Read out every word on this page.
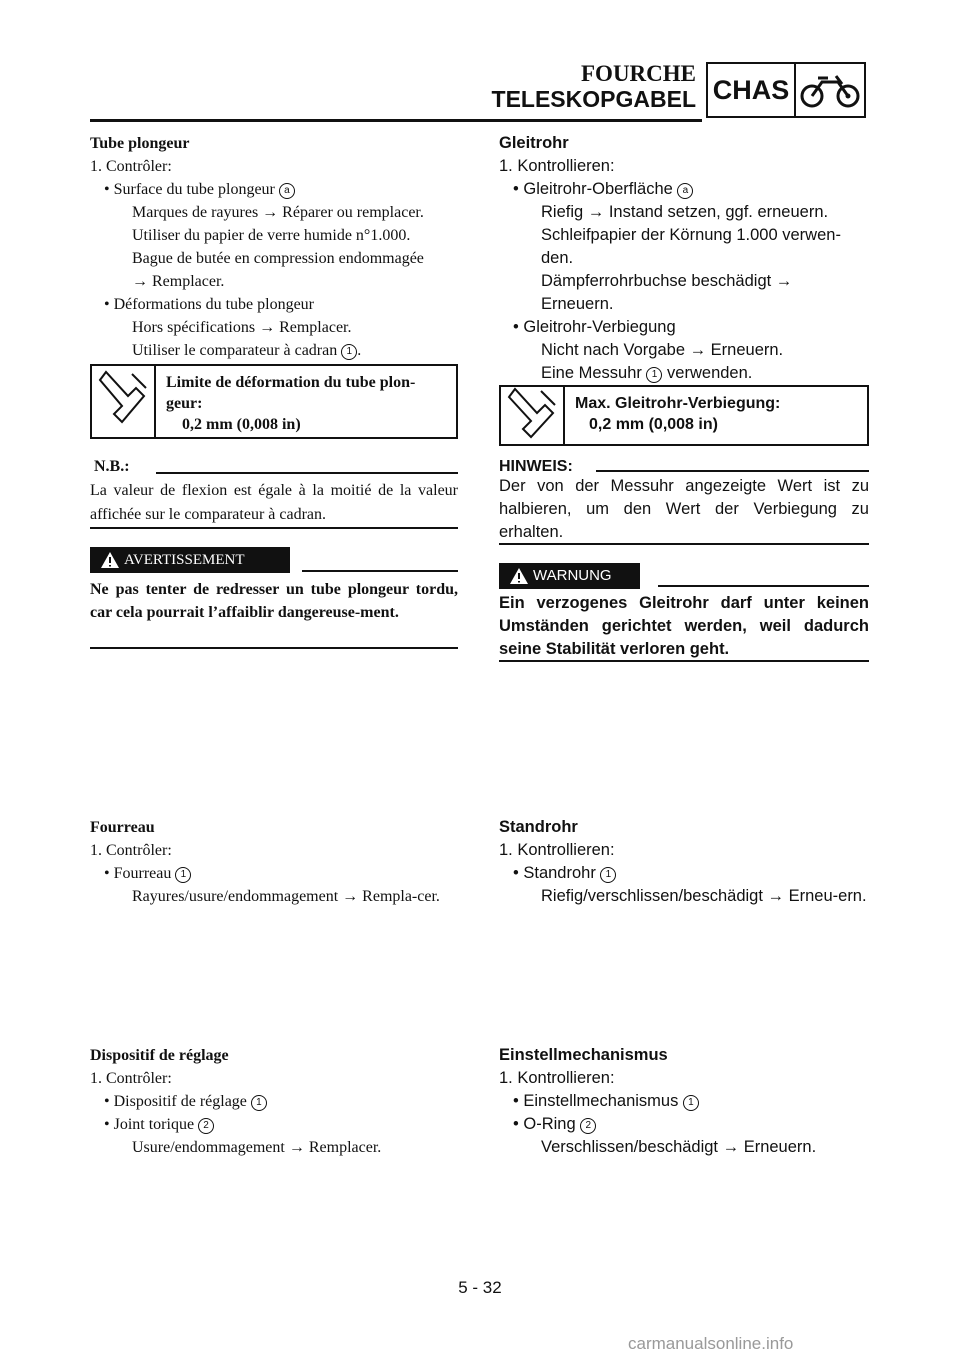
FOURCHE
TELESKOPGABEL CHAS
Tube plongeur
1. Contrôler:
• Surface du tube plongeur a
Marques de rayures → Réparer ou remplacer.
Utiliser du papier de verre humide n°1.000.
Bague de butée en compression endommagée
→ Remplacer.
• Déformations du tube plongeur
Hors spécifications → Remplacer.
Utiliser le comparateur à cadran 1 .
Limite de déformation du tube plon-
geur:
0,2 mm (0,008 in)
N.B.:
La valeur de flexion est égale à la moitié de la valeur affichée sur le comparateur à cadran.
AVERTISSEMENT
Ne pas tenter de redresser un tube plongeur tordu, car cela pourrait l’affaiblir dangereuse-ment.
Fourreau
1. Contrôler:
• Fourreau 1
Rayures/usure/endommagement → Rempla-cer.
Dispositif de réglage
1. Contrôler:
• Dispositif de réglage 1
• Joint torique 2
Usure/endommagement → Remplacer.
Gleitrohr
1. Kontrollieren:
• Gleitrohr-Oberfläche a
Riefig → Instand setzen, ggf. erneuern.
Schleifpapier der Körnung 1.000 verwen-den.
Dämpferrohrbuchse beschädigt → Erneuern.
• Gleitrohr-Verbiegung
Nicht nach Vorgabe → Erneuern.
Eine Messuhr 1 verwenden.
Max. Gleitrohr-Verbiegung:
0,2 mm (0,008 in)
HINWEIS:
Der von der Messuhr angezeigte Wert ist zu halbieren, um den Wert der Verbiegung zu erhalten.
WARNUNG
Ein verzogenes Gleitrohr darf unter keinen Umständen gerichtet werden, weil dadurch seine Stabilität verloren geht.
Standrohr
1. Kontrollieren:
• Standrohr 1
Riefig/verschlissen/beschädigt → Erneu-ern.
Einstellmechanismus
1. Kontrollieren:
• Einstellmechanismus 1
• O-Ring 2
Verschlissen/beschädigt → Erneuern.
5 - 32
carmanualsonline.info
